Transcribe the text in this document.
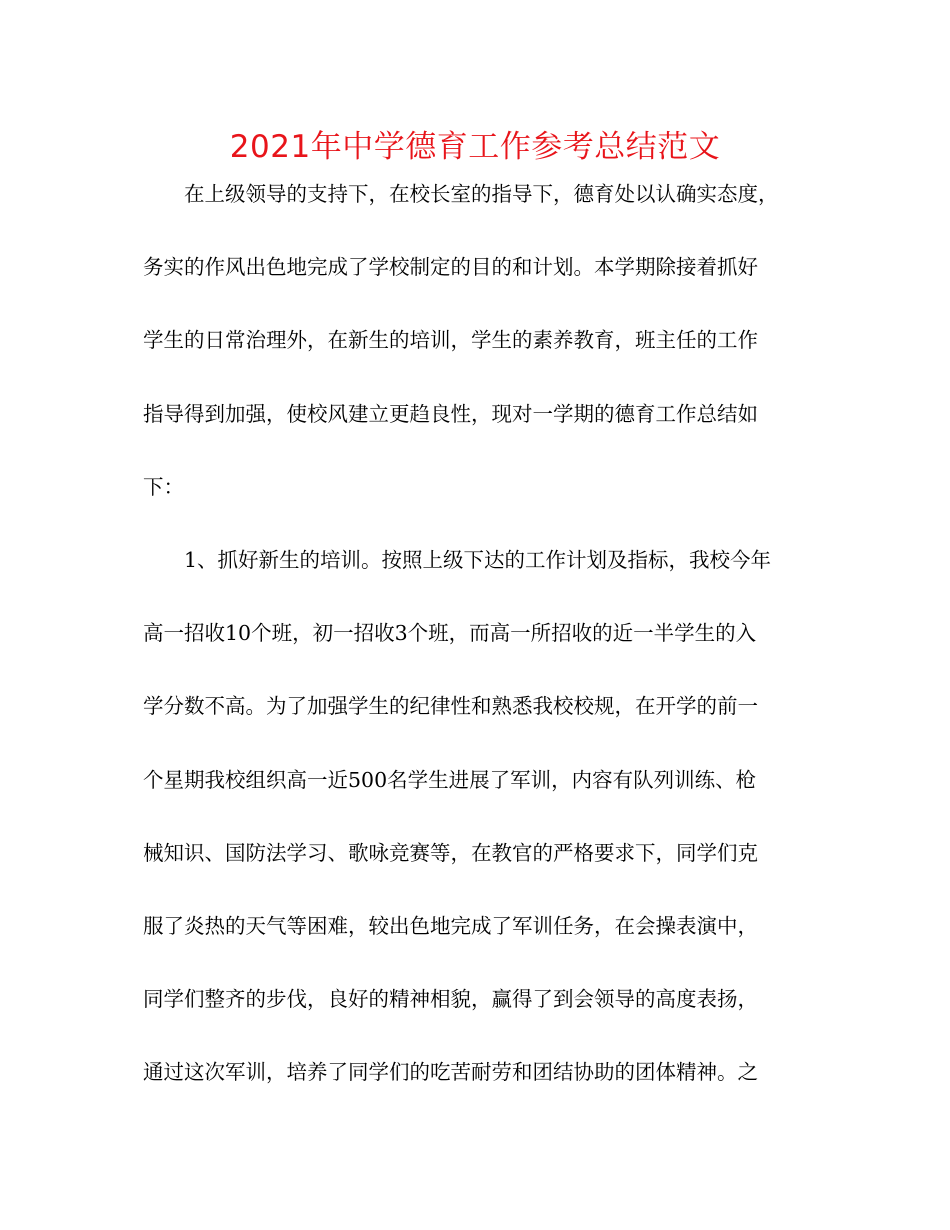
2021年中学德育工作参考总结范文
在上级领导的支持下，在校长室的指导下，德育处以认确实态度，
务实的作风出色地完成了学校制定的目的和计划。本学期除接着抓好
学生的日常治理外，在新生的培训，学生的素养教育，班主任的工作
指导得到加强，使校风建立更趋良性，现对一学期的德育工作总结如
下：
1、抓好新生的培训。按照上级下达的工作计划及指标，我校今年
高一招收10个班，初一招收3个班，而高一所招收的近一半学生的入
学分数不高。为了加强学生的纪律性和熟悉我校校规，在开学的前一
个星期我校组织高一近500名学生进展了军训，内容有队列训练、枪
械知识、国防法学习、歌咏竞赛等，在教官的严格要求下，同学们克
服了炎热的天气等困难，较出色地完成了军训任务，在会操表演中，
同学们整齐的步伐，良好的精神相貌，赢得了到会领导的高度表扬，
通过这次军训，培养了同学们的吃苦耐劳和团结协助的团体精神。之
